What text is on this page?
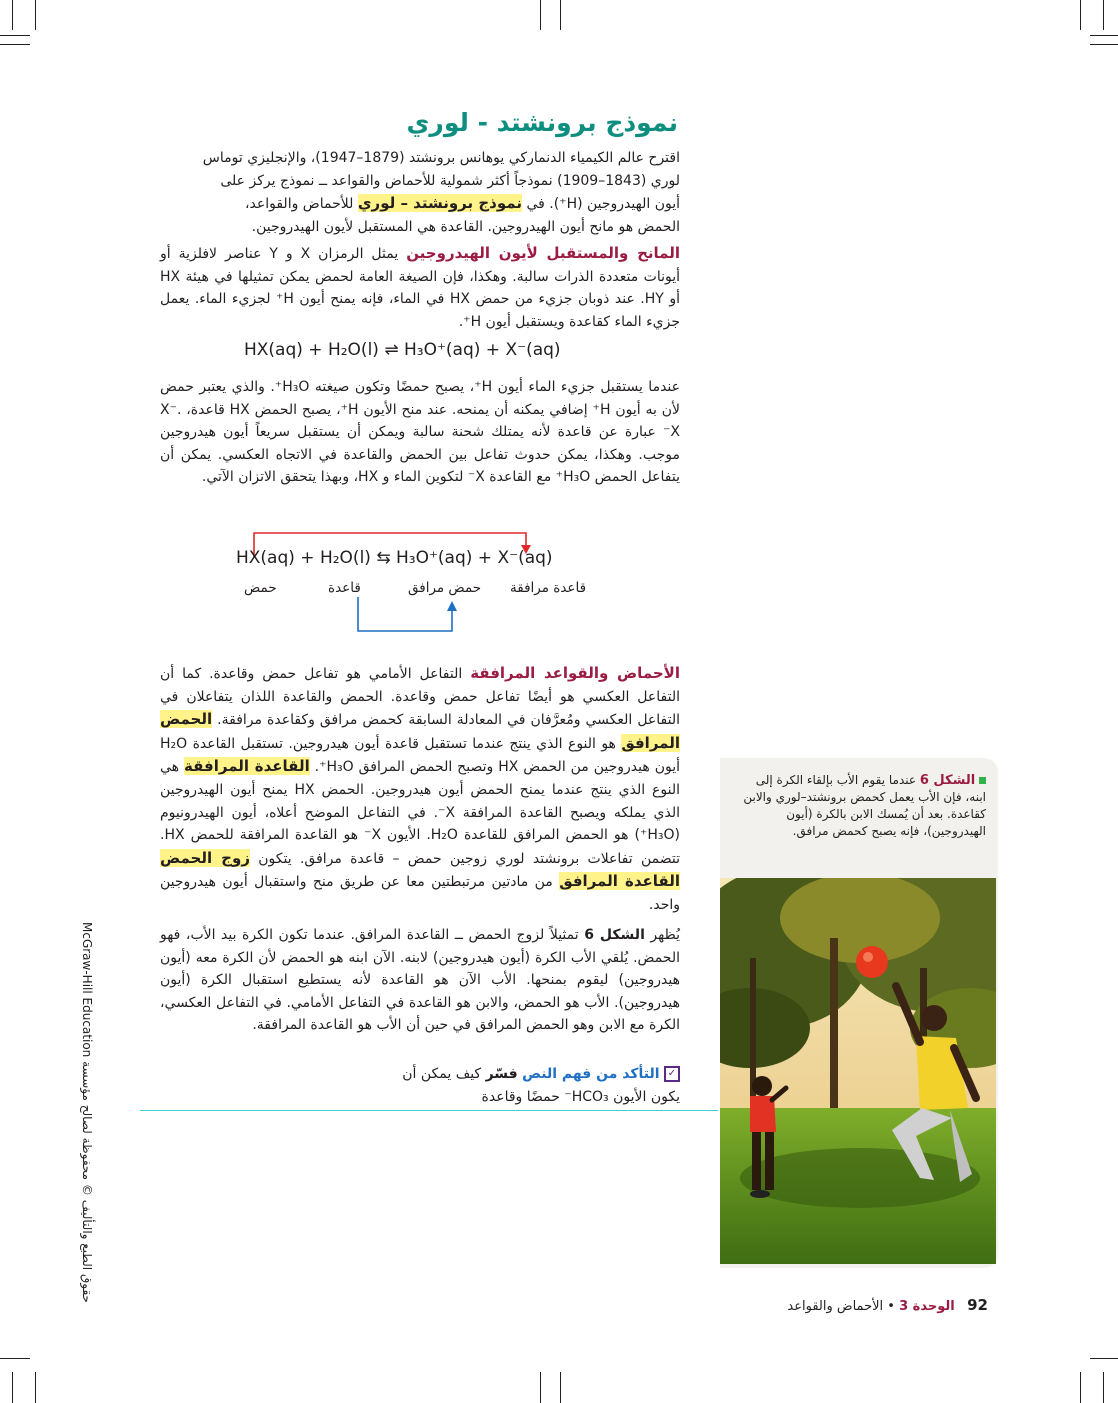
نموذج برونشتد - لوري
اقترح عالم الكيمياء الدنماركي يوهانس برونشتد (1879–1947)، والإنجليزي توماس
لوري (1843–1909) نموذجاً أكثر شمولية للأحماض والقواعد ــ نموذج يركز على
أيون الهيدروجين (H⁺). في نموذج برونشتد – لوري للأحماض والقواعد،
الحمض هو مانح أيون الهيدروجين. القاعدة هي المستقبل لأيون الهيدروجين.
المانح والمستقبل لأيون الهيدروجين يمثل الرمزان X و Y عناصر لافلزية أو أيونات متعددة الذرات سالبة. وهكذا، فإن الصيغة العامة لحمض يمكن تمثيلها في هيئة HX أو HY. عند ذوبان جزيء من حمض HX في الماء، فإنه يمنح أيون H⁺ لجزيء الماء. يعمل جزيء الماء كقاعدة ويستقبل أيون H⁺.
HX(aq) + H₂O(l) ⇌ H₃O⁺(aq) + X⁻(aq)
عندما يستقبل جزيء الماء أيون H⁺، يصبح حمضًا وتكون صيغته H₃O⁺. والذي يعتبر حمض لأن به أيون H⁺ إضافي يمكنه أن يمنحه. عند منح الأيون H⁺، يصبح الحمض HX قاعدة، X⁻. X⁻ عبارة عن قاعدة لأنه يمتلك شحنة سالبة ويمكن أن يستقبل سريعاً أيون هيدروجين موجب. وهكذا، يمكن حدوث تفاعل بين الحمض والقاعدة في الاتجاه العكسي. يمكن أن يتفاعل الحمض H₃O⁺ مع القاعدة X⁻ لتكوين الماء و HX، وبهذا يتحقق الاتزان الآتي.
HX(aq) + H₂O(l) ⇆ H₃O⁺(aq) + X⁻(aq)
حمض	قاعدة	حمض مرافق قاعدة مرافقة
الأحماض والقواعد المرافقة التفاعل الأمامي هو تفاعل حمض وقاعدة. كما أن التفاعل العكسي هو أيضًا تفاعل حمض وقاعدة. الحمض والقاعدة اللذان يتفاعلان في التفاعل العكسي ومُعرَّفان في المعادلة السابقة كحمض مرافق وكقاعدة مرافقة. الحمض المرافق هو النوع الذي ينتج عندما تستقبل قاعدة أيون هيدروجين. تستقبل القاعدة H₂O أيون هيدروجين من الحمض HX وتصبح الحمض المرافق H₃O⁺. القاعدة المرافقة هي النوع الذي ينتج عندما يمنح الحمض أيون هيدروجين. الحمض HX يمنح أيون الهيدروجين الذي يملكه ويصبح القاعدة المرافقة X⁻. في التفاعل الموضح أعلاه، أيون الهيدرونيوم (H₃O⁺) هو الحمض المرافق للقاعدة H₂O. الأيون X⁻ هو القاعدة المرافقة للحمض HX. تتضمن تفاعلات برونشتد لوري زوجين حمض – قاعدة مرافق. يتكون زوج الحمض القاعدة المرافق من مادتين مرتبطتين معا عن طريق منح واستقبال أيون هيدروجين واحد.
يُظهر الشكل 6 تمثيلاً لزوج الحمض ــ القاعدة المرافق. عندما تكون الكرة بيد الأب، فهو الحمض. يُلقي الأب الكرة (أيون هيدروجين) لابنه. الآن ابنه هو الحمض لأن الكرة معه (أيون هيدروجين) ليقوم بمنحها. الأب الآن هو القاعدة لأنه يستطيع استقبال الكرة (أيون هيدروجين). الأب هو الحمض، والابن هو القاعدة في التفاعل الأمامي. في التفاعل العكسي، الكرة مع الابن وهو الحمض المرافق في حين أن الأب هو القاعدة المرافقة.
✓ التأكد من فهم النص فسّر كيف يمكن أن يكون الأيون HCO₃⁻ حمضًا وقاعدة
الشكل 6 عندما يقوم الأب بإلقاء الكرة إلى ابنه، فإن الأب يعمل كحمض برونشتد–لوري والابن كقاعدة. بعد أن يُمسك الابن بالكرة (أيون الهيدروجين)، فإنه يصبح كحمض مرافق.
92   الوحدة 3 • الأحماض والقواعد
حقوق الطبع والتأليف © محفوظة لصالح مؤسسة McGraw-Hill Education
